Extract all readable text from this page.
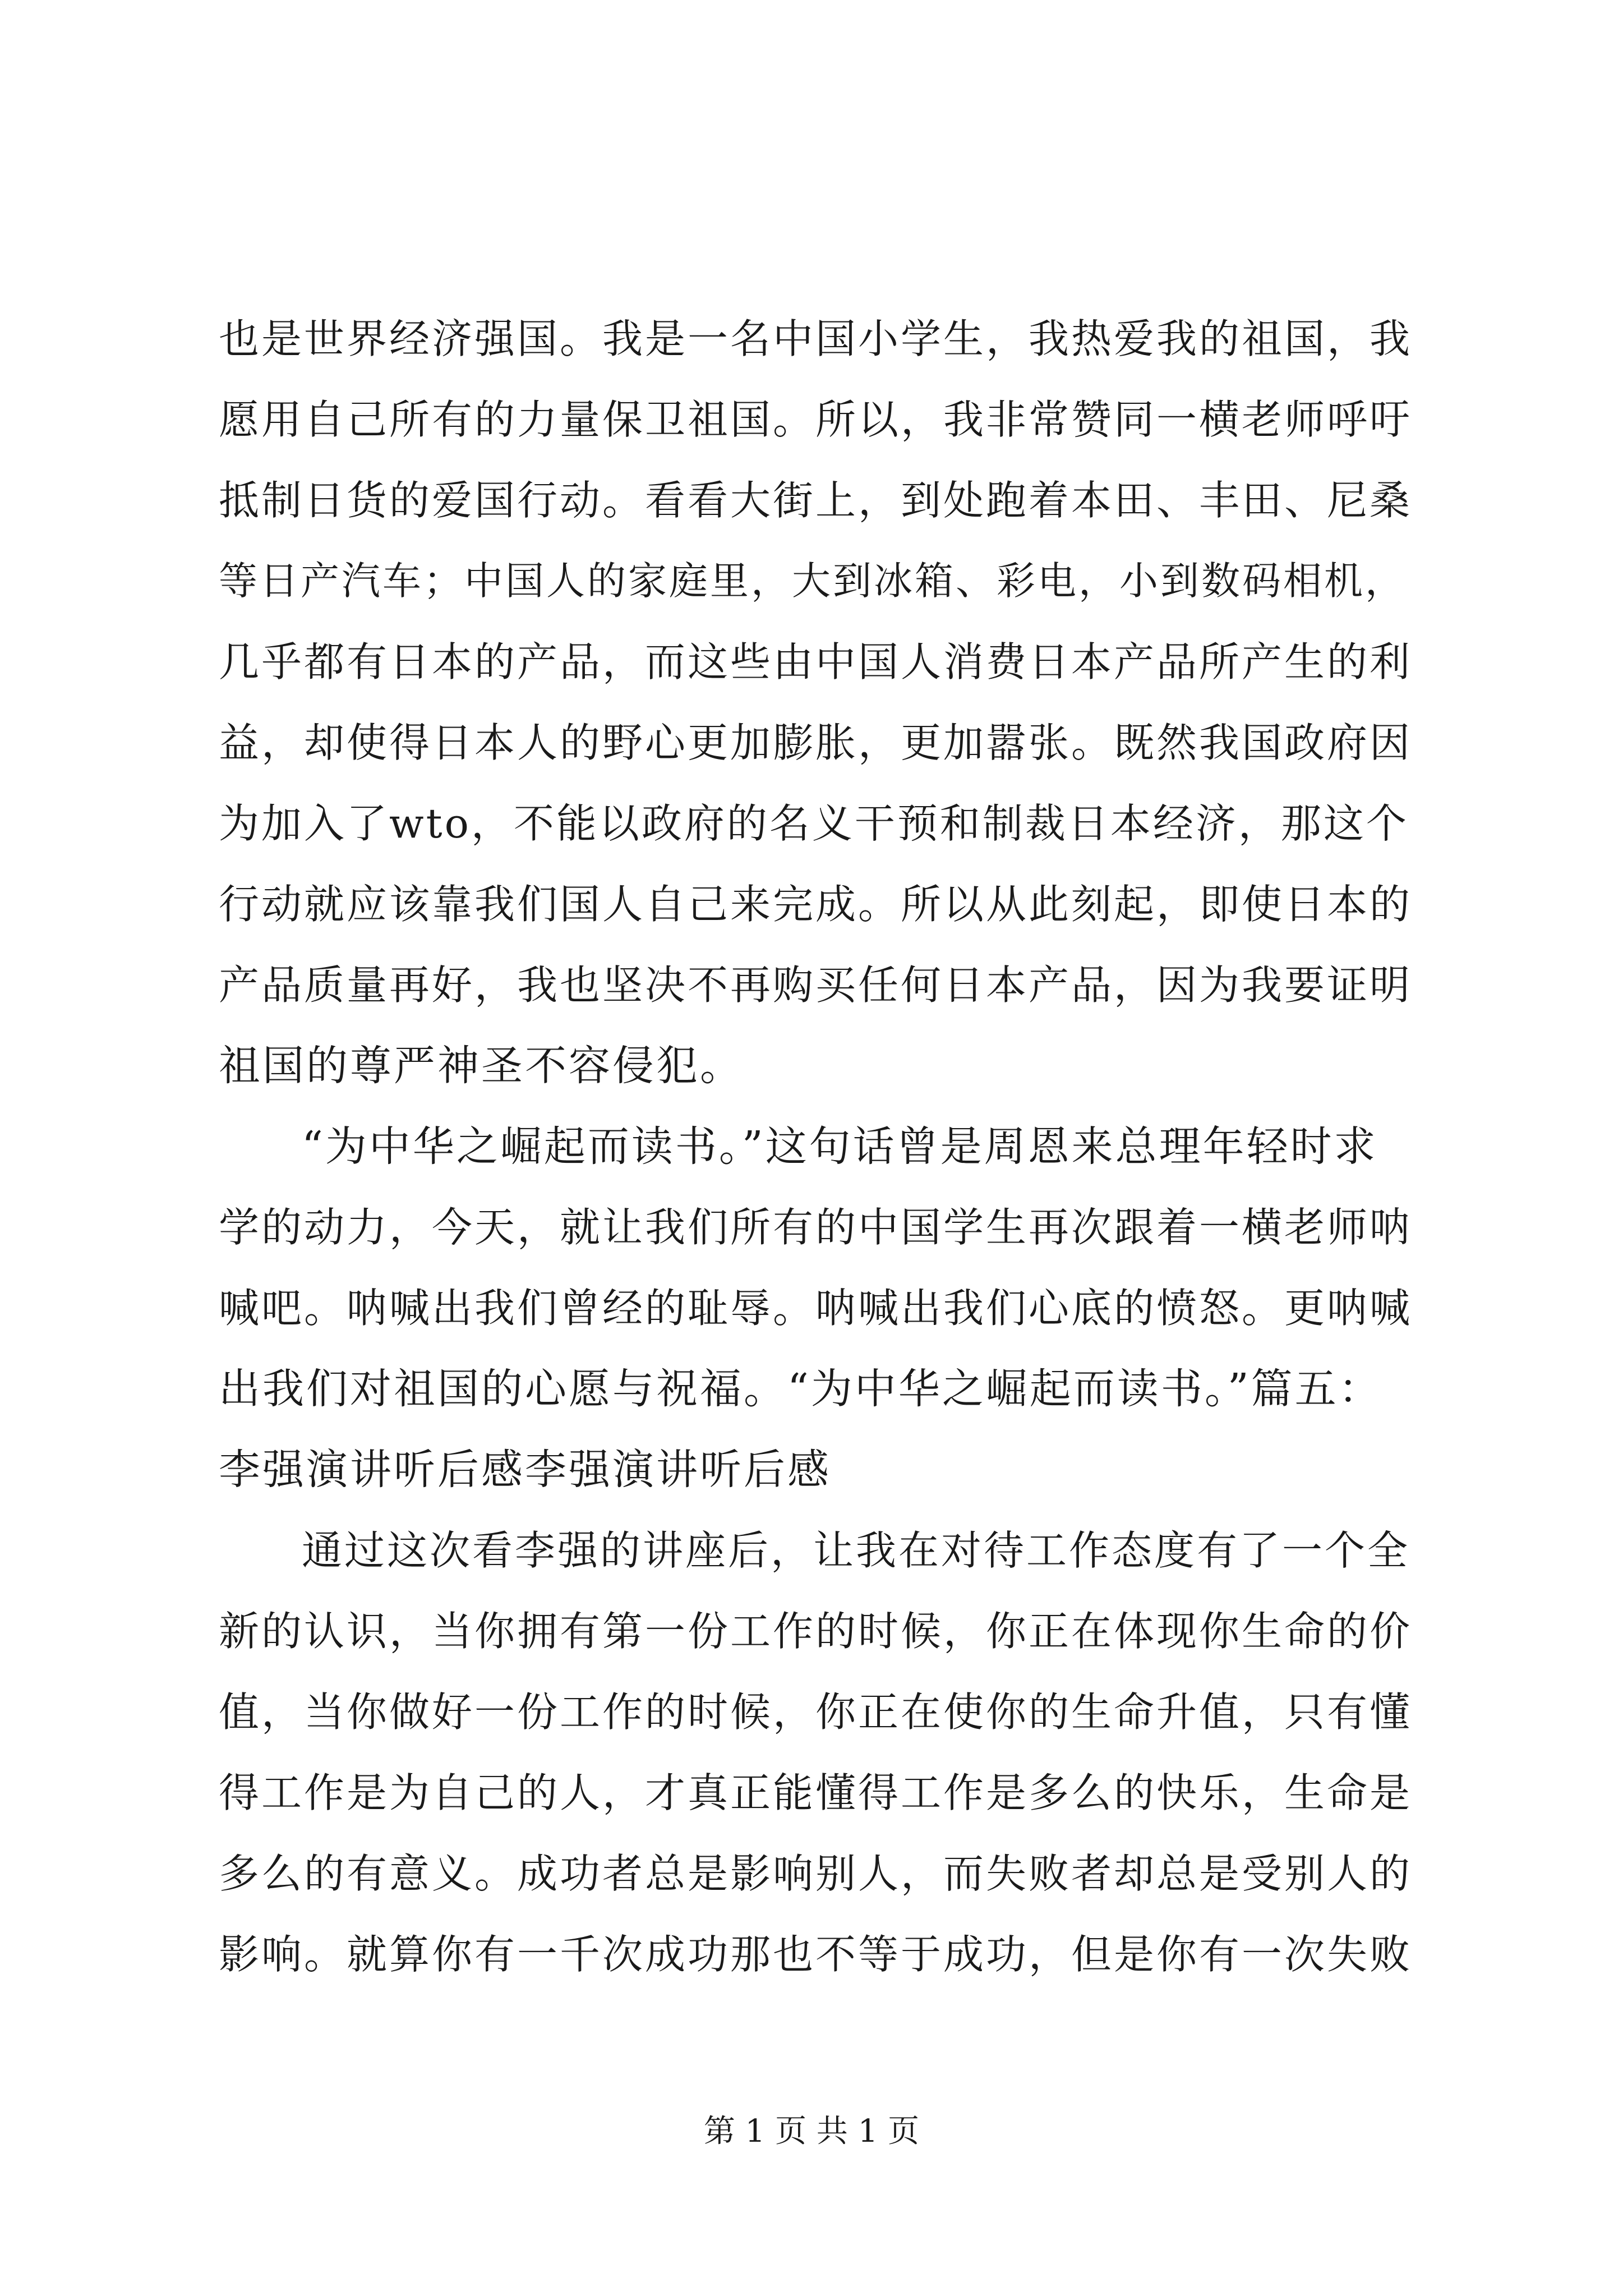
也是世界经济强国。我是一名中国小学生，我热爱我的祖国，我
愿用自己所有的力量保卫祖国。所以，我非常赞同一横老师呼吁
抵制日货的爱国行动。看看大街上，到处跑着本田、丰田、尼桑
等日产汽车；中国人的家庭里，大到冰箱、彩电，小到数码相机，
几乎都有日本的产品，而这些由中国人消费日本产品所产生的利
益，却使得日本人的野心更加膨胀，更加嚣张。既然我国政府因
为加入了wto，不能以政府的名义干预和制裁日本经济，那这个
行动就应该靠我们国人自己来完成。所以从此刻起，即使日本的
产品质量再好，我也坚决不再购买任何日本产品，因为我要证明
祖国的尊严神圣不容侵犯。
“为中华之崛起而读书。”这句话曾是周恩来总理年轻时求
学的动力，今天，就让我们所有的中国学生再次跟着一横老师呐
喊吧。呐喊出我们曾经的耻辱。呐喊出我们心底的愤怒。更呐喊
出我们对祖国的心愿与祝福。“为中华之崛起而读书。”篇五：
李强演讲听后感李强演讲听后感
通过这次看李强的讲座后，让我在对待工作态度有了一个全
新的认识，当你拥有第一份工作的时候，你正在体现你生命的价
值，当你做好一份工作的时候，你正在使你的生命升值，只有懂
得工作是为自己的人，才真正能懂得工作是多么的快乐，生命是
多么的有意义。成功者总是影响别人，而失败者却总是受别人的
影响。就算你有一千次成功那也不等于成功，但是你有一次失败
第 1 页 共 1 页
